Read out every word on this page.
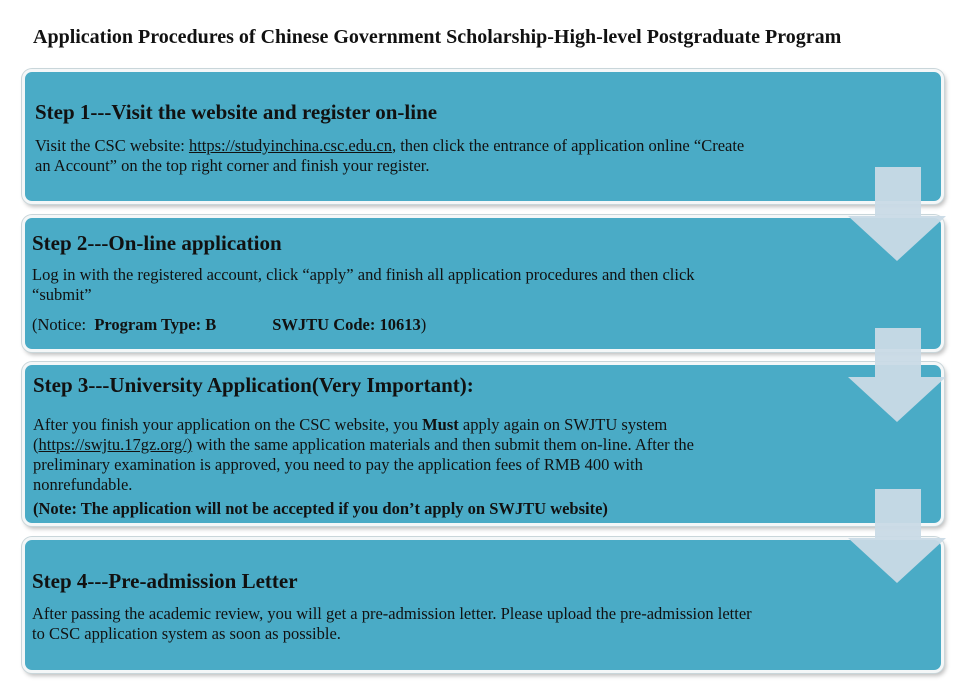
Application Procedures of Chinese Government Scholarship-High-level Postgraduate Program
Step 1---Visit the website and register on-line
Visit the CSC website: https://studyinchina.csc.edu.cn, then click the entrance of application online “Create an Account” on the top right corner and finish your register.
Step 2---On-line application
Log in with the registered account, click “apply” and finish all application procedures and then click “submit”
(Notice: Program Type: B	SWJTU Code: 10613)
Step 3---University Application(Very Important):
After you finish your application on the CSC website, you Must apply again on SWJTU system (https://swjtu.17gz.org/) with the same application materials and then submit them on-line. After the preliminary examination is approved, you need to pay the application fees of RMB 400 with nonrefundable.
(Note: The application will not be accepted if you don’t apply on SWJTU website)
Step 4---Pre-admission Letter
After passing the academic review, you will get a pre-admission letter. Please upload the pre-admission letter to CSC application system as soon as possible.
